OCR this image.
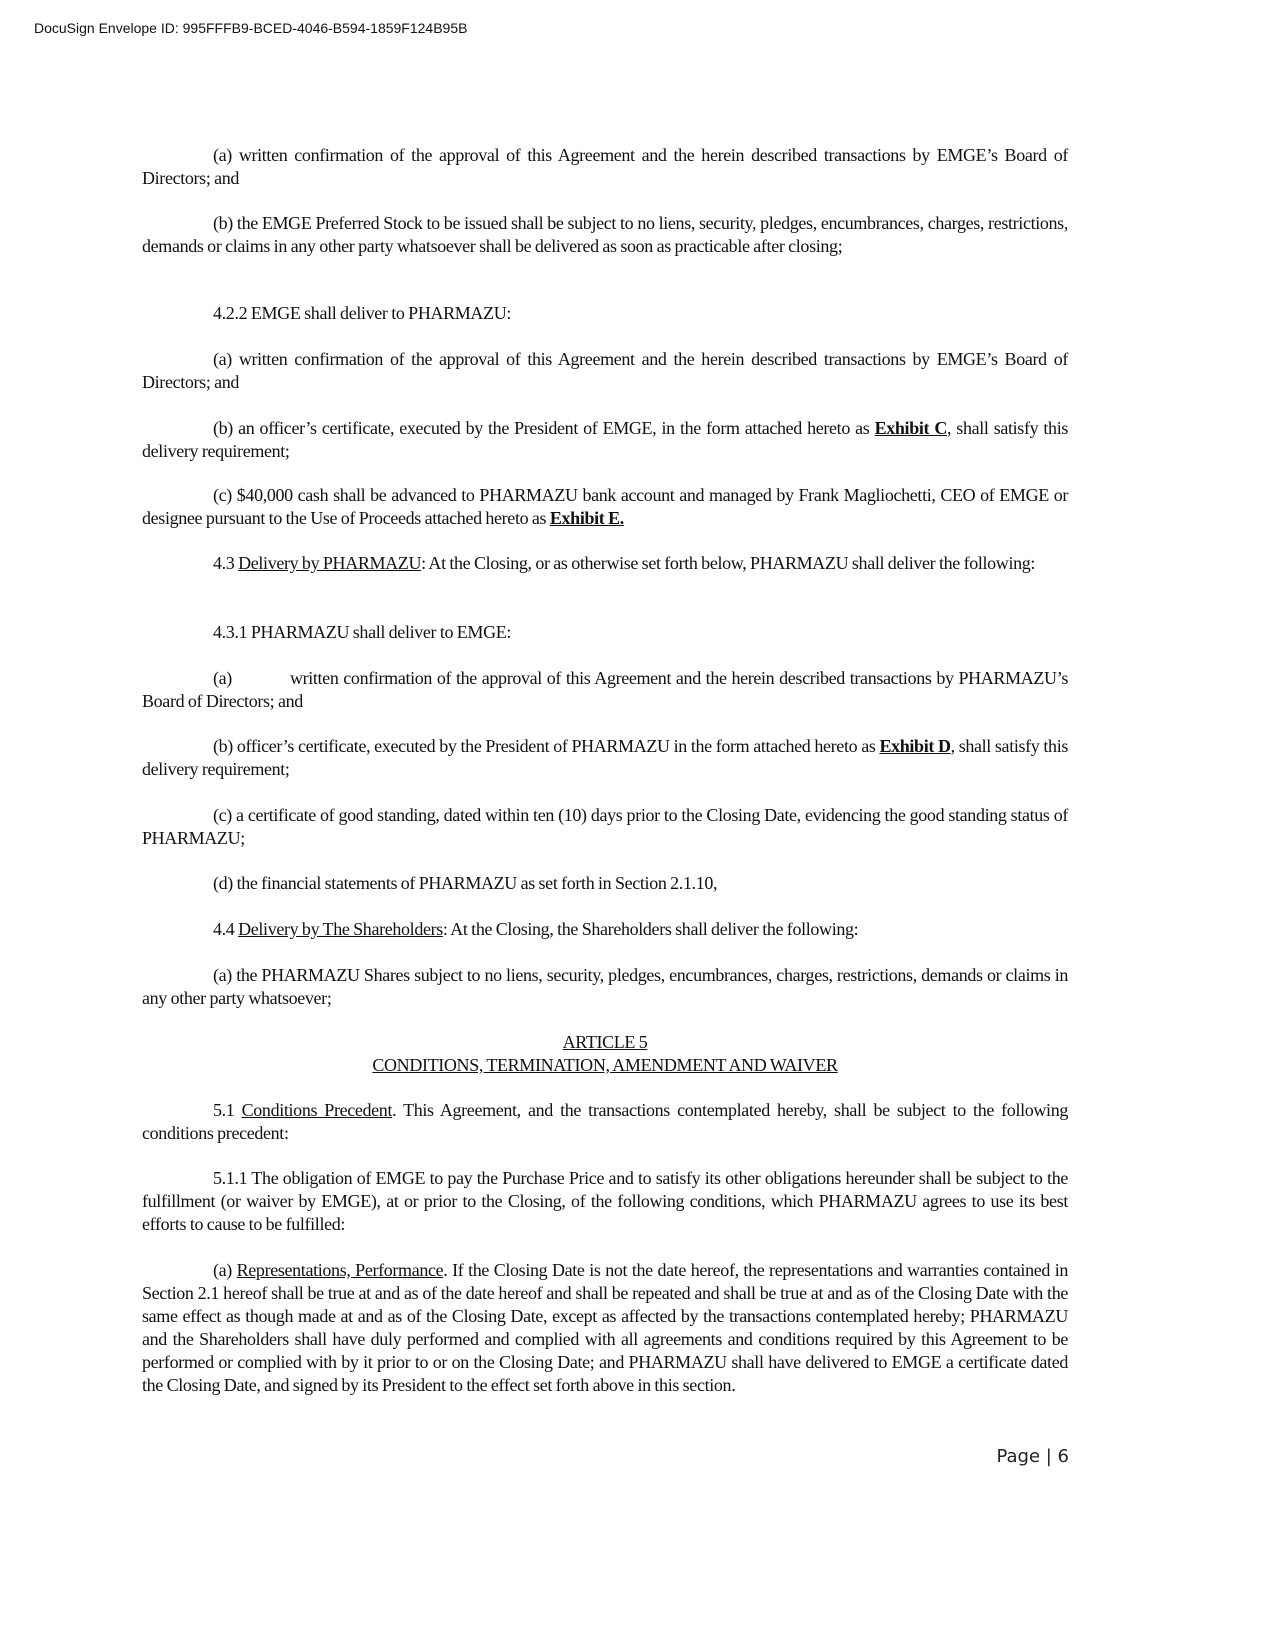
DocuSign Envelope ID: 995FFFB9-BCED-4046-B594-1859F124B95B
(a) written confirmation of the approval of this Agreement and the herein described transactions by EMGE’s Board of Directors; and
(b) the EMGE Preferred Stock to be issued shall be subject to no liens, security, pledges, encumbrances, charges, restrictions, demands or claims in any other party whatsoever shall be delivered as soon as practicable after closing;
4.2.2 EMGE shall deliver to PHARMAZU:
(a) written confirmation of the approval of this Agreement and the herein described transactions by EMGE’s Board of Directors; and
(b) an officer’s certificate, executed by the President of EMGE, in the form attached hereto as Exhibit C, shall satisfy this delivery requirement;
(c) $40,000 cash shall be advanced to PHARMAZU bank account and managed by Frank Magliochetti, CEO of EMGE or designee pursuant to the Use of Proceeds attached hereto as Exhibit E.
4.3 Delivery by PHARMAZU: At the Closing, or as otherwise set forth below, PHARMAZU shall deliver the following:
4.3.1 PHARMAZU shall deliver to EMGE:
(a)	written confirmation of the approval of this Agreement and the herein described transactions by PHARMAZU’s Board of Directors; and
(b) officer’s certificate, executed by the President of PHARMAZU in the form attached hereto as Exhibit D, shall satisfy this delivery requirement;
(c) a certificate of good standing, dated within ten (10) days prior to the Closing Date, evidencing the good standing status of PHARMAZU;
(d) the financial statements of PHARMAZU as set forth in Section 2.1.10,
4.4 Delivery by The Shareholders: At the Closing, the Shareholders shall deliver the following:
(a) the PHARMAZU Shares subject to no liens, security, pledges, encumbrances, charges, restrictions, demands or claims in any other party whatsoever;
ARTICLE 5
CONDITIONS, TERMINATION, AMENDMENT AND WAIVER
5.1 Conditions Precedent. This Agreement, and the transactions contemplated hereby, shall be subject to the following conditions precedent:
5.1.1 The obligation of EMGE to pay the Purchase Price and to satisfy its other obligations hereunder shall be subject to the fulfillment (or waiver by EMGE), at or prior to the Closing, of the following conditions, which PHARMAZU agrees to use its best efforts to cause to be fulfilled:
(a) Representations, Performance. If the Closing Date is not the date hereof, the representations and warranties contained in Section 2.1 hereof shall be true at and as of the date hereof and shall be repeated and shall be true at and as of the Closing Date with the same effect as though made at and as of the Closing Date, except as affected by the transactions contemplated hereby; PHARMAZU and the Shareholders shall have duly performed and complied with all agreements and conditions required by this Agreement to be performed or complied with by it prior to or on the Closing Date; and PHARMAZU shall have delivered to EMGE a certificate dated the Closing Date, and signed by its President to the effect set forth above in this section.
Page | 6
